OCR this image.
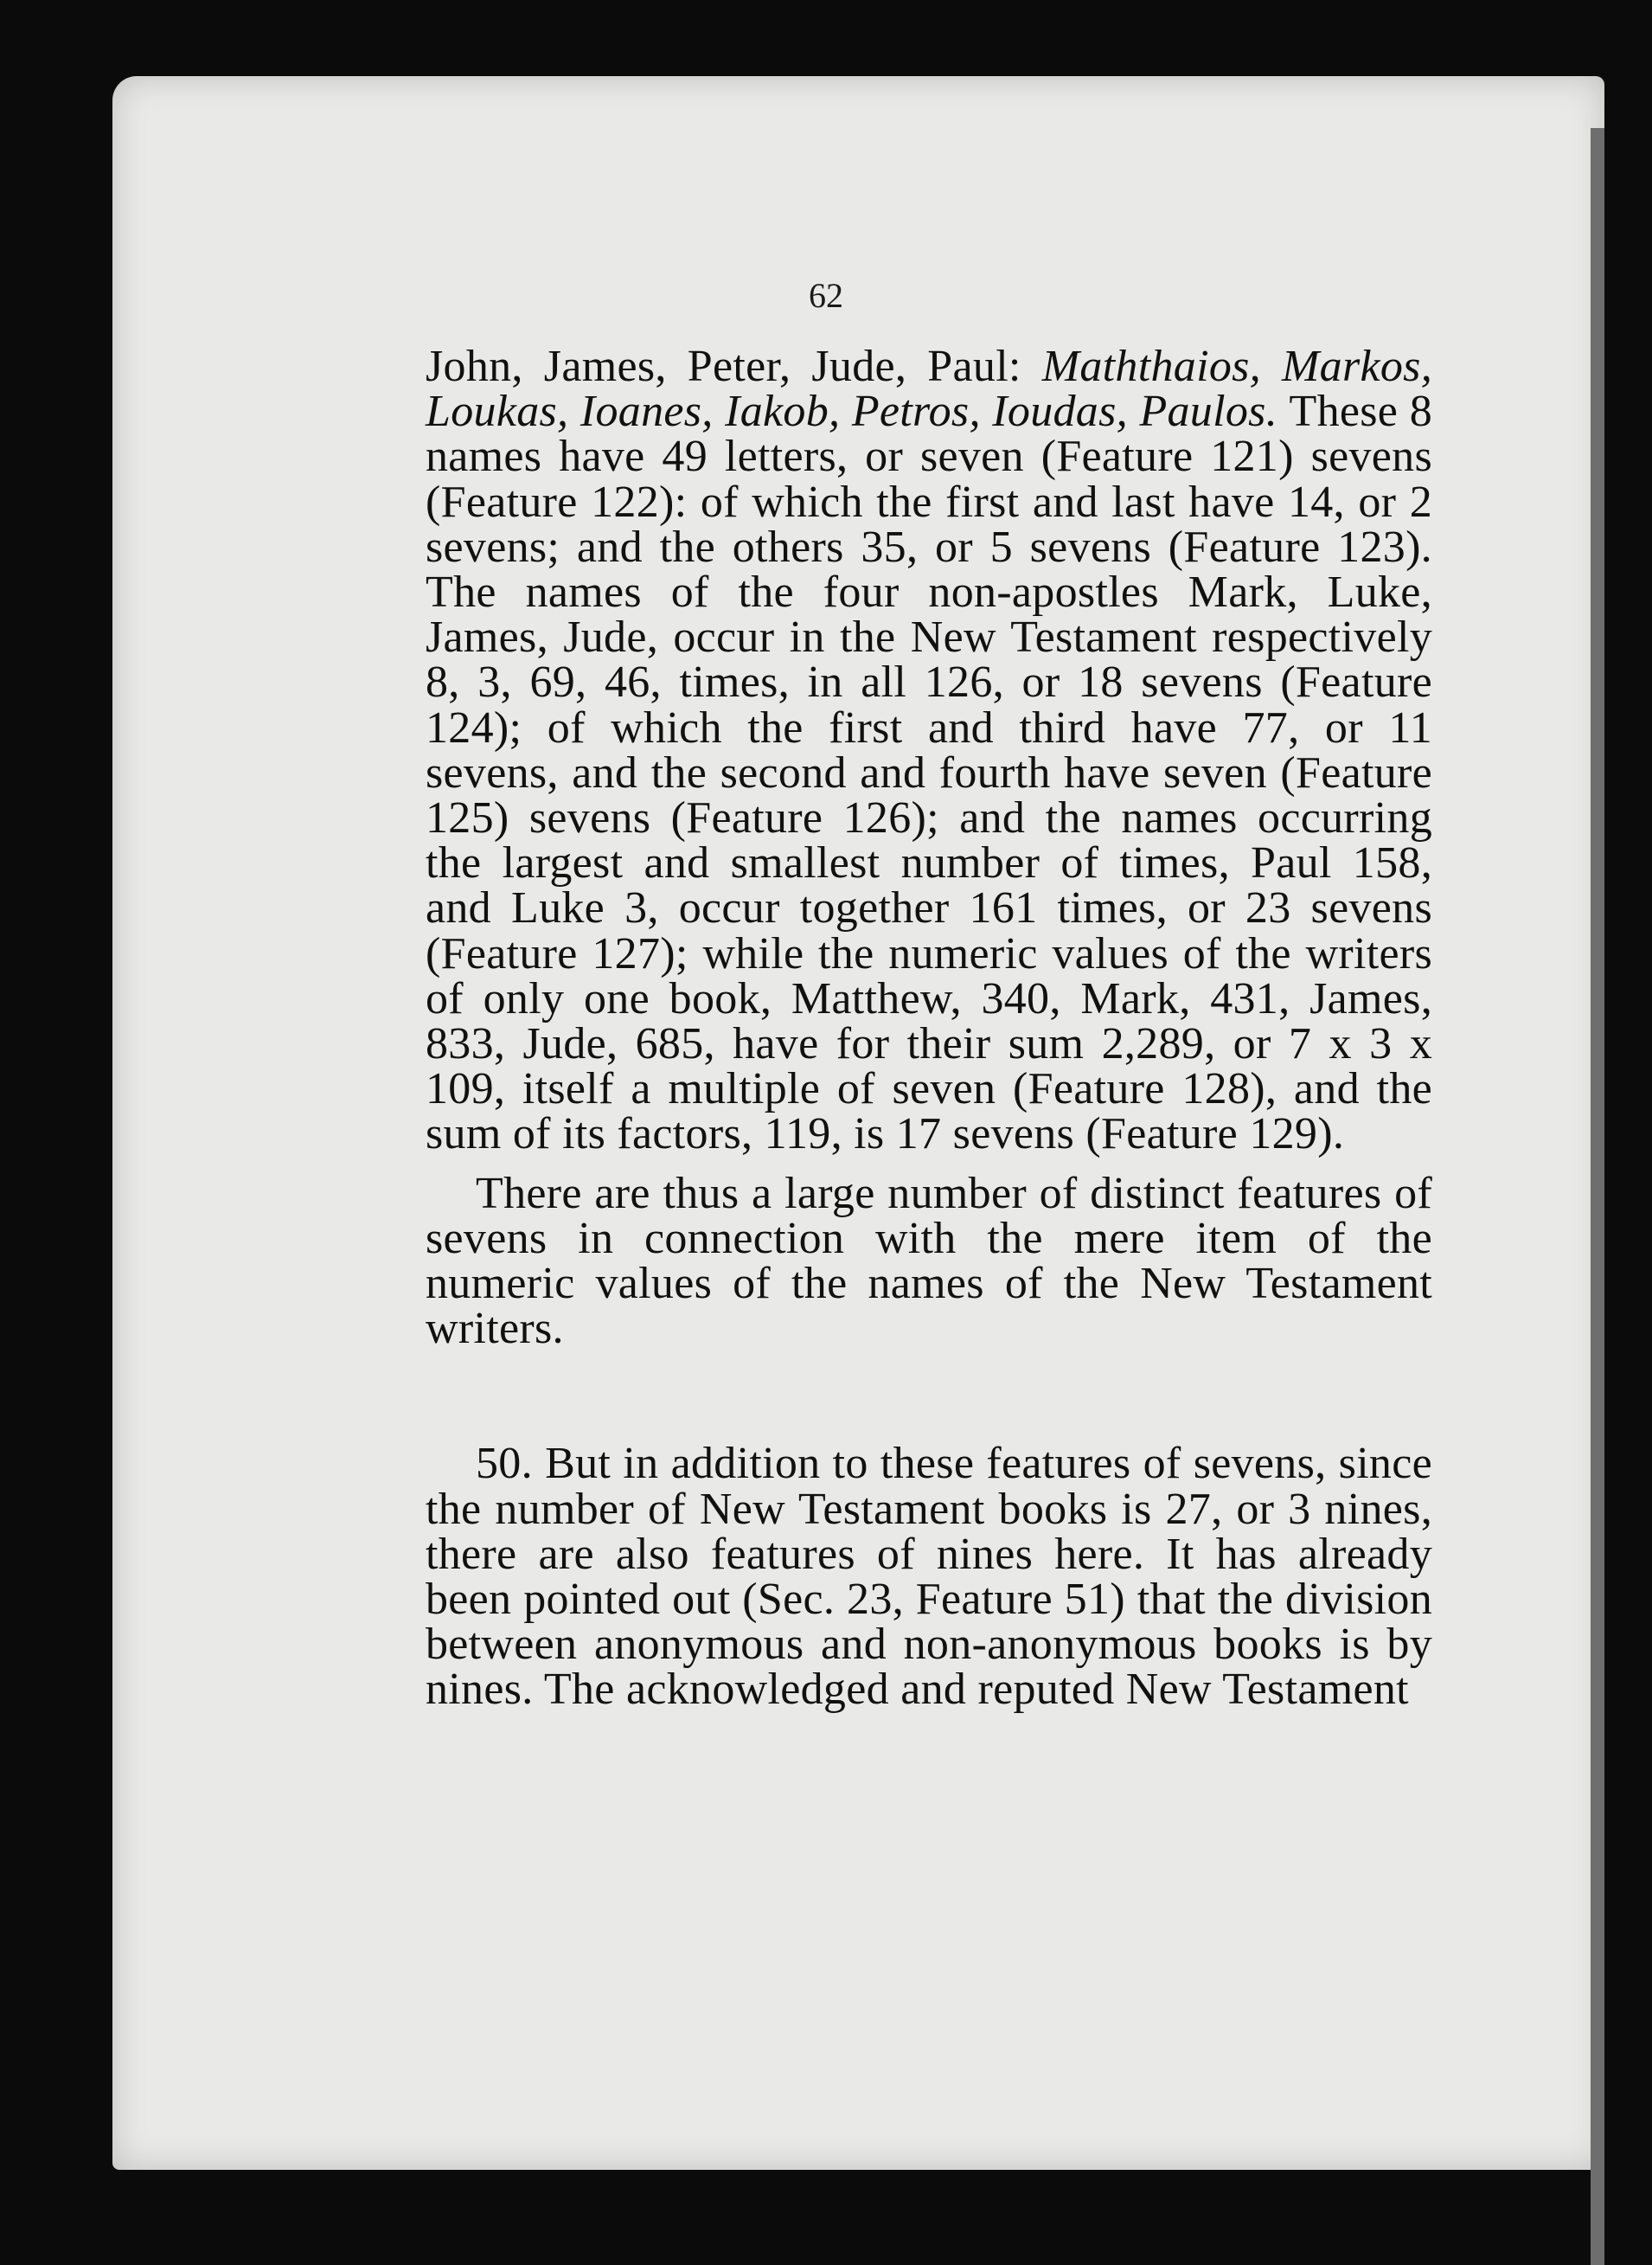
62

John, James, Peter, Jude, Paul: Maththaios, Markos, Loukas, Ioanes, Iakob, Petros, Ioudas, Paulos. These 8 names have 49 letters, or seven (Feature 121) sevens (Feature 122): of which the first and last have 14, or 2 sevens; and the others 35, or 5 sevens (Feature 123). The names of the four non-apostles Mark, Luke, James, Jude, occur in the New Testament respectively 8, 3, 69, 46, times, in all 126, or 18 sevens (Feature 124); of which the first and third have 77, or 11 sevens, and the second and fourth have seven (Feature 125) sevens (Feature 126); and the names occurring the largest and smallest number of times, Paul 158, and Luke 3, occur together 161 times, or 23 sevens (Feature 127); while the numeric values of the writers of only one book, Matthew, 340, Mark, 431, James, 833, Jude, 685, have for their sum 2,289, or 7 x 3 x 109, itself a multiple of seven (Feature 128), and the sum of its factors, 119, is 17 sevens (Feature 129).

There are thus a large number of distinct features of sevens in connection with the mere item of the numeric values of the names of the New Testament writers.

50. But in addition to these features of sevens, since the number of New Testament books is 27, or 3 nines, there are also features of nines here. It has already been pointed out (Sec. 23, Feature 51) that the division between anonymous and non-anonymous books is by nines. The acknowledged and reputed New Testament
